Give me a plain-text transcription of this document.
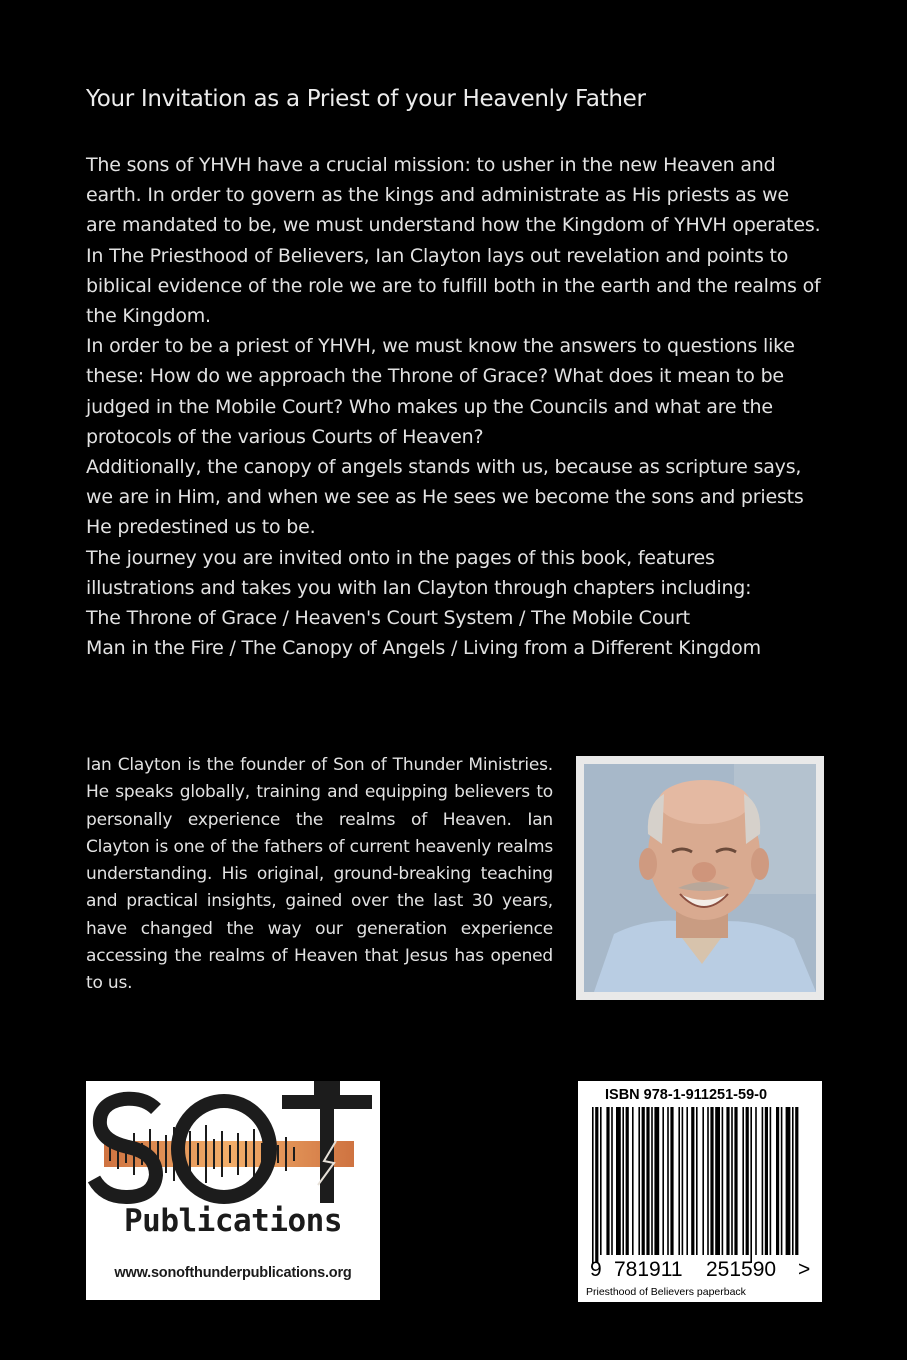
Your Invitation as a Priest of your Heavenly Father

The sons of YHVH have a crucial mission: to usher in the new Heaven and earth. In order to govern as the kings and administrate as His priests as we are mandated to be, we must understand how the Kingdom of YHVH operates. In The Priesthood of Believers, Ian Clayton lays out revelation and points to biblical evidence of the role we are to fulfill both in the earth and the realms of the Kingdom.

In order to be a priest of YHVH, we must know the answers to questions like these: How do we approach the Throne of Grace? What does it mean to be judged in the Mobile Court? Who makes up the Councils and what are the protocols of the various Courts of Heaven?

Additionally, the canopy of angels stands with us, because as scripture says, we are in Him, and when we see as He sees we become the sons and priests He predestined us to be.

The journey you are invited onto in the pages of this book, features illustrations and takes you with Ian Clayton through chapters including:

The Throne of Grace / Heaven's Court System / The Mobile Court

Man in the Fire / The Canopy of Angels / Living from a Different Kingdom

Ian Clayton is the founder of Son of Thunder Ministries. He speaks globally, training and equipping believers to personally experience the realms of Heaven. Ian Clayton is one of the fathers of current heavenly realms understanding. His original, ground-breaking teaching and practical insights, gained over the last 30 years, have changed the way our generation experience accessing the realms of Heaven that Jesus has opened to us.
Publications
www.sonofthunderpublications.org
ISBN 978-1-911251-59-0
9 781911 251590 >
Priesthood of Believers paperback
